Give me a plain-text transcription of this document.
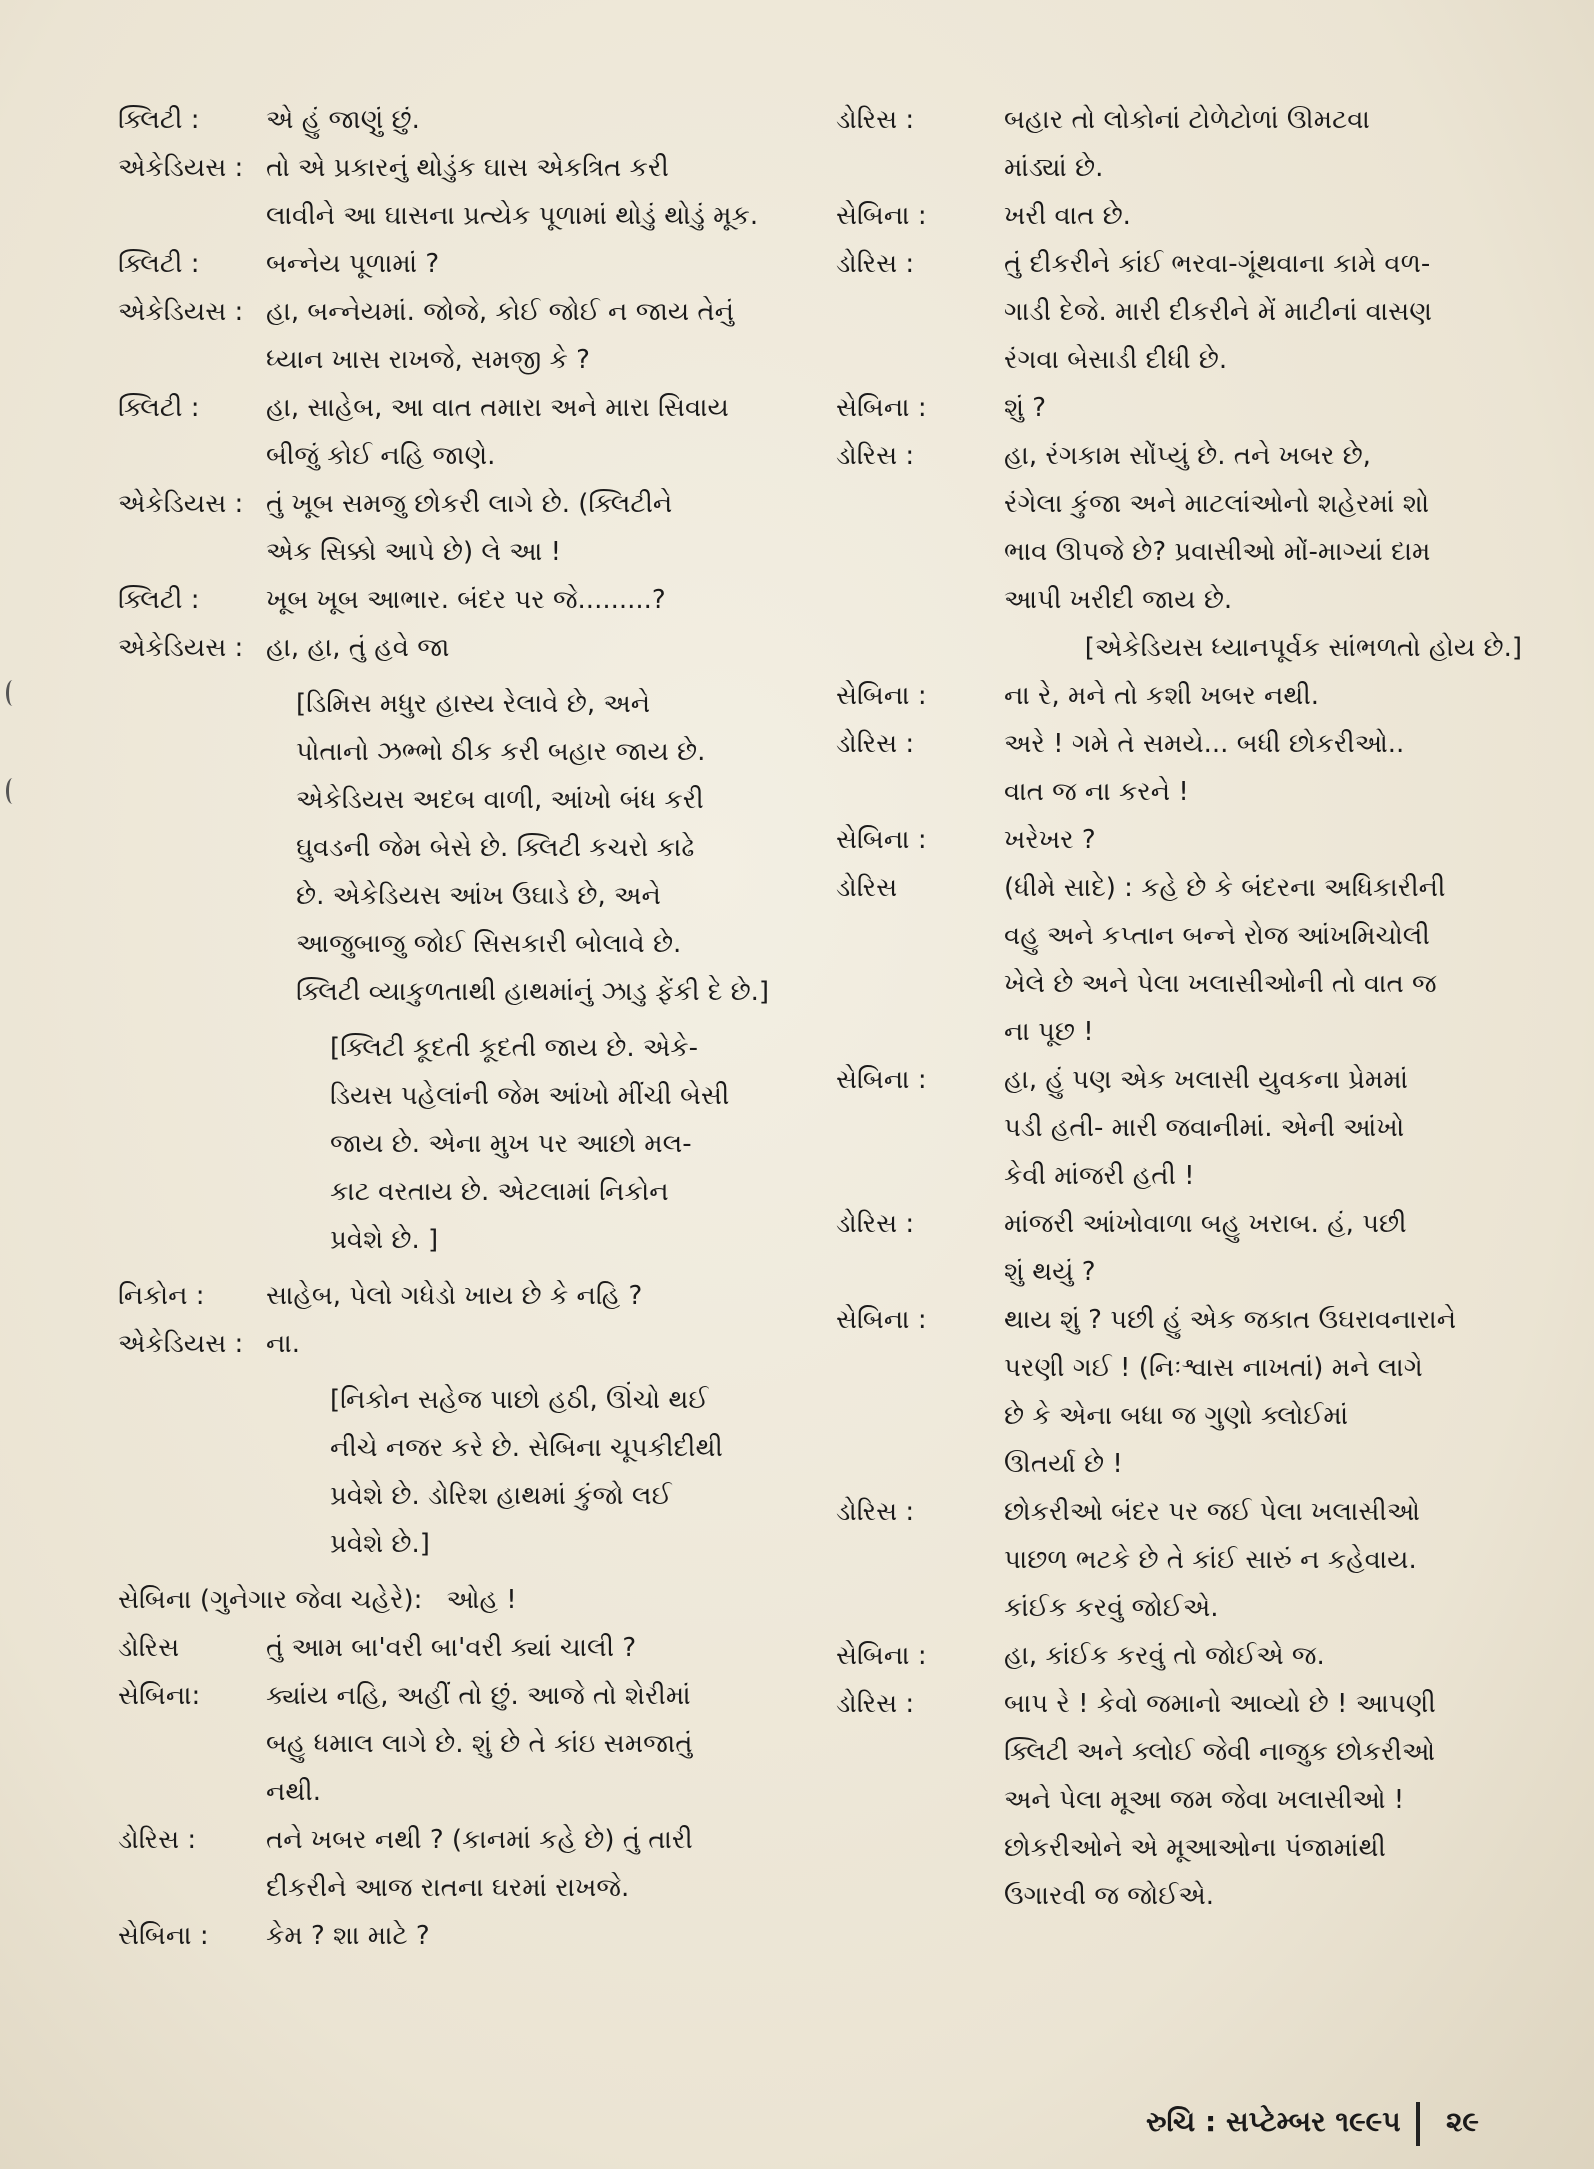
ક્લિટી :	એ હું જાણું છું.
એકેડિયસ : તો એ પ્રકારનું થોડુંક ઘાસ એકત્રિત કરી
લાવીને આ ઘાસના પ્રત્યેક પૂળામાં થોડું થોડું મૂક.
ક્લિટી :	બન્નેય પૂળામાં ?
એકેડિયસ : હા, બન્નેયમાં. જોજે, કોઈ જોઈ ન જાય તેનું
ધ્યાન ખાસ રાખજે, સમજી કે ?
ક્લિટી :	હા, સાહેબ, આ વાત તમારા અને મારા સિવાય
બીજું કોઈ નહિ જાણે.
એકેડિયસ : તું ખૂબ સમજુ છોકરી લાગે છે. (ક્લિટીને
એક સિક્કો આપે છે) લે આ !
ક્લિટી :	ખૂબ ખૂબ આભાર. બંદર પર જે.........?
એકેડિયસ : હા, હા, તું હવે જા
[ડિમિસ મધુર હાસ્ય રેલાવે છે, અને
પોતાનો ઝભ્ભો ઠીક કરી બહાર જાય છે.
એકેડિયસ અદબ વાળી, આંખો બંધ કરી
ઘુવડની જેમ બેસે છે. ક્લિટી કચરો કાઢે
છે. એકેડિયસ આંખ ઉઘાડે છે, અને
આજુબાજુ જોઈ સિસકારી બોલાવે છે.
ક્લિટી વ્યાકુળતાથી હાથમાંનું ઝાડુ ફેંકી દે છે.]
[ક્લિટી કૂદતી કૂદતી જાય છે. એકે-
ડિયસ પહેલાંની જેમ આંખો મીંચી બેસી
જાય છે. એના મુખ પર આછો મલ-
કાટ વરતાય છે. એટલામાં નિકોન
પ્રવેશે છે. ]
નિકોન : સાહેબ, પેલો ગધેડો ખાય છે કે નહિ ?
એકેડિયસ : ના.
[નિકોન સહેજ પાછો હઠી, ઊંચો થઈ
નીચે નજર કરે છે. સેબિના ચૂપકીદીથી
પ્રવેશે છે. ડોરિશ હાથમાં કુંજો લઈ
પ્રવેશે છે.]
સેબિના (ગુનેગાર જેવા ચહેરે): ઓહ !
ડોરિસ	તું આમ બા'વરી બા'વરી ક્યાં ચાલી ?
સેબિના:	ક્યાંય નહિ, અહીં તો છું. આજે તો શેરીમાં
બહુ ધમાલ લાગે છે. શું છે તે કાંઇ સમજાતું
નથી.
ડોરિસ :	તને ખબર નથી ? (કાનમાં કહે છે) તું તારી
દીકરીને આજ રાતના ઘરમાં રાખજે.
સેબિના : કેમ ? શા માટે ?
ડોરિસ :	બહાર તો લોકોનાં ટોળેટોળાં ઊમટવા
માંડ્યાં છે.
સેબિના :	ખરી વાત છે.
ડોરિસ :	તું દીકરીને કાંઈ ભરવા-ગૂંથવાના કામે વળ-
ગાડી દેજે. મારી દીકરીને મેં માટીનાં વાસણ
રંગવા બેસાડી દીધી છે.
સેબિના :	શું ?
ડોરિસ :	હા, રંગકામ સોંપ્યું છે. તને ખબર છે,
રંગેલા કુંજા અને માટલાંઓનો શહેરમાં શો
ભાવ ઊપજે છે? પ્રવાસીઓ મોં-માગ્યાં દામ
આપી ખરીદી જાય છે.
[એકેડિયસ ધ્યાનપૂર્વક સાંભળતો હોય છે.]
સેબિના :	ના રે, મને તો કશી ખબર નથી.
ડોરિસ :	અરે ! ગમે તે સમયે... બધી છોકરીઓ..
વાત જ ના કરને !
સેબિના :	ખરેખર ?
ડોરિસ	(ધીમે સાદે) : કહે છે કે બંદરના અધિકારીની
વહુ અને કપ્તાન બન્ને રોજ આંખમિચોલી
ખેલે છે અને પેલા ખલાસીઓની તો વાત જ
ના પૂછ !
સેબિના :	હા, હું પણ એક ખલાસી યુવકના પ્રેમમાં
પડી હતી- મારી જવાનીમાં. એની આંખો
કેવી માંજરી હતી !
ડોરિસ :	માંજરી આંખોવાળા બહુ ખરાબ. હં, પછી
શું થયું ?
સેબિના :	થાય શું ? પછી હું એક જકાત ઉઘરાવનારાને
પરણી ગઈ ! (નિઃશ્વાસ નાખતાં) મને લાગે
છે કે એના બધા જ ગુણો ક્લોઈમાં
ઊતર્યા છે !
ડોરિસ :	છોકરીઓ બંદર પર જઈ પેલા ખલાસીઓ
પાછળ ભટકે છે તે કાંઈ સારું ન કહેવાય.
કાંઈક કરવું જોઈએ.
સેબિના :	હા, કાંઈક કરવું તો જોઈએ જ.
ડોરિસ :	બાપ રે ! કેવો જમાનો આવ્યો છે ! આપણી
ક્લિટી અને ક્લોઈ જેવી નાજુક છોકરીઓ
અને પેલા મૂઆ જમ જેવા ખલાસીઓ !
છોકરીઓને એ મૂઆઓના પંજામાંથી
ઉગારવી જ જોઈએ.
રુચિ : સપ્ટેમ્બર ૧૯૯૫ ૨૯
